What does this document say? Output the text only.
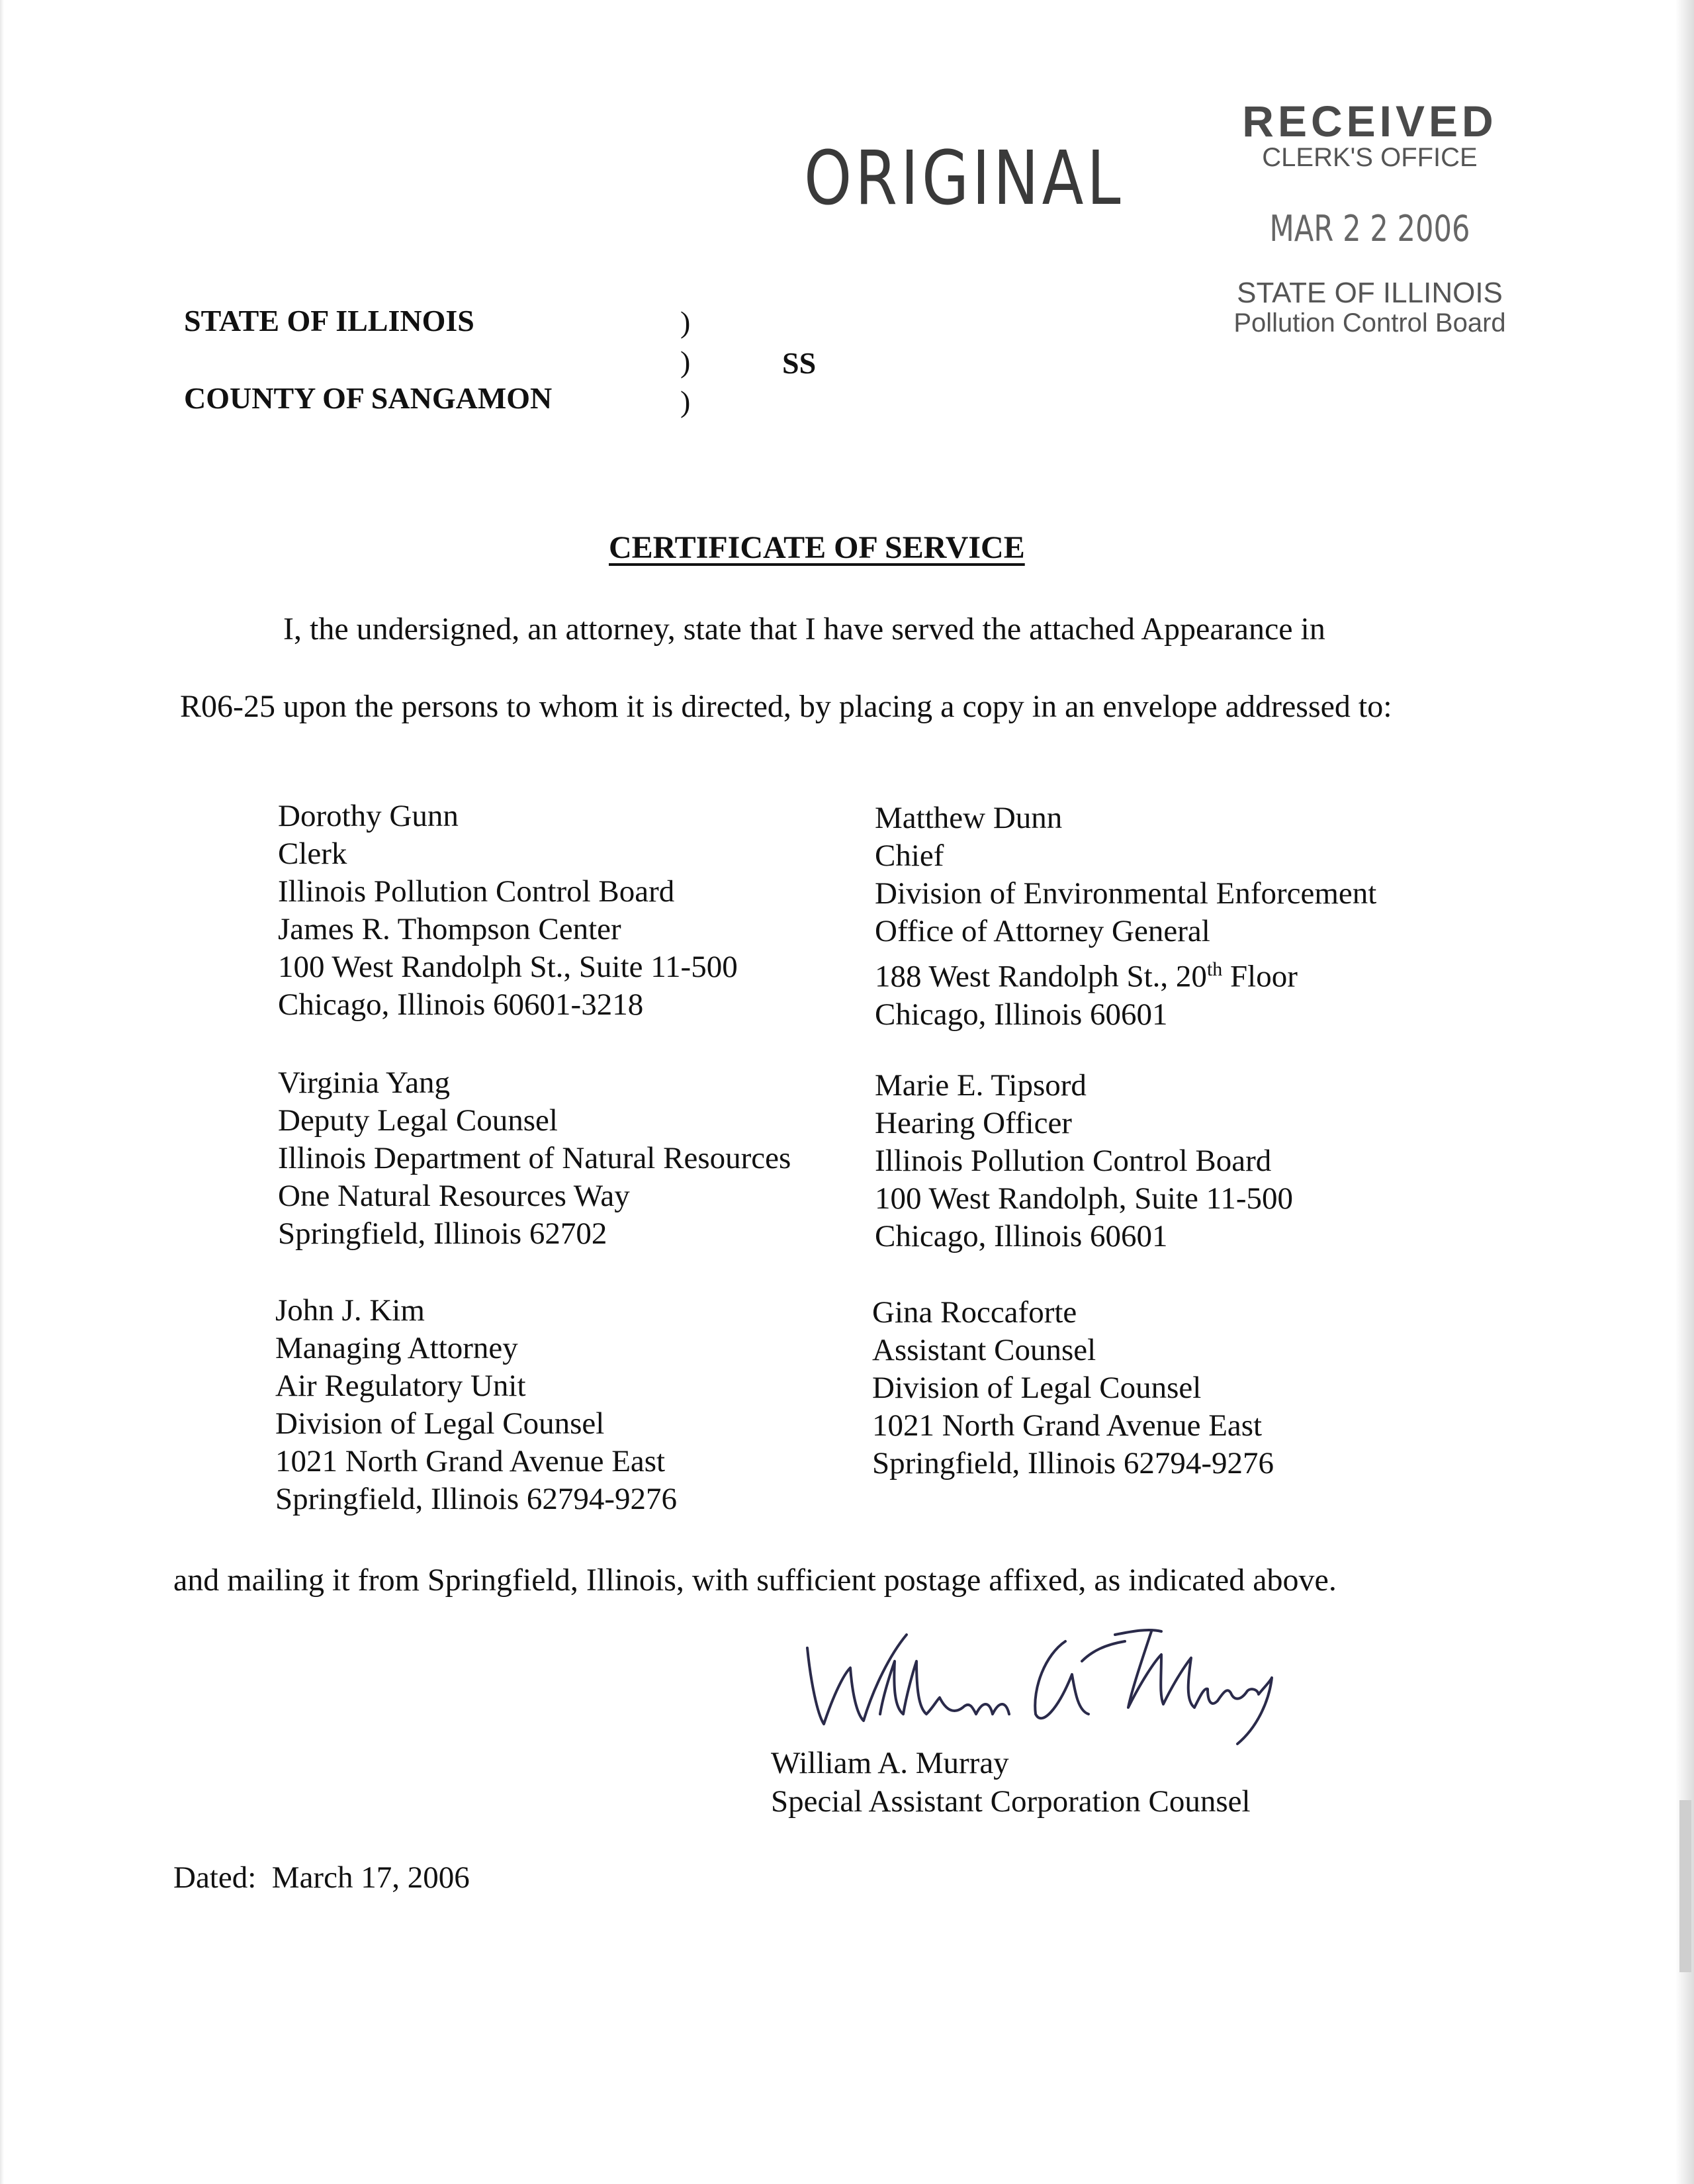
ORIGINAL
RECEIVED
CLERK'S OFFICE
MAR 2 2 2006
STATE OF ILLINOIS
Pollution Control Board
STATE OF ILLINOIS
COUNTY OF SANGAMON
)
)
)
SS
CERTIFICATE OF SERVICE
I, the undersigned, an attorney, state that I have served the attached Appearance in
R06-25 upon the persons to whom it is directed, by placing a copy in an envelope addressed to:
Dorothy Gunn
Clerk
Illinois Pollution Control Board
James R. Thompson Center
100 West Randolph St., Suite 11-500
Chicago, Illinois 60601-3218
Virginia Yang
Deputy Legal Counsel
Illinois Department of Natural Resources
One Natural Resources Way
Springfield, Illinois 62702
John J. Kim
Managing Attorney
Air Regulatory Unit
Division of Legal Counsel
1021 North Grand Avenue East
Springfield, Illinois 62794-9276
Matthew Dunn
Chief
Division of Environmental Enforcement
Office of Attorney General
188 West Randolph St., 20th Floor
Chicago, Illinois 60601
Marie E. Tipsord
Hearing Officer
Illinois Pollution Control Board
100 West Randolph, Suite 11-500
Chicago, Illinois 60601
Gina Roccaforte
Assistant Counsel
Division of Legal Counsel
1021 North Grand Avenue East
Springfield, Illinois 62794-9276
and mailing it from Springfield, Illinois, with sufficient postage affixed, as indicated above.
William A. Murray
Special Assistant Corporation Counsel
Dated:  March 17, 2006
